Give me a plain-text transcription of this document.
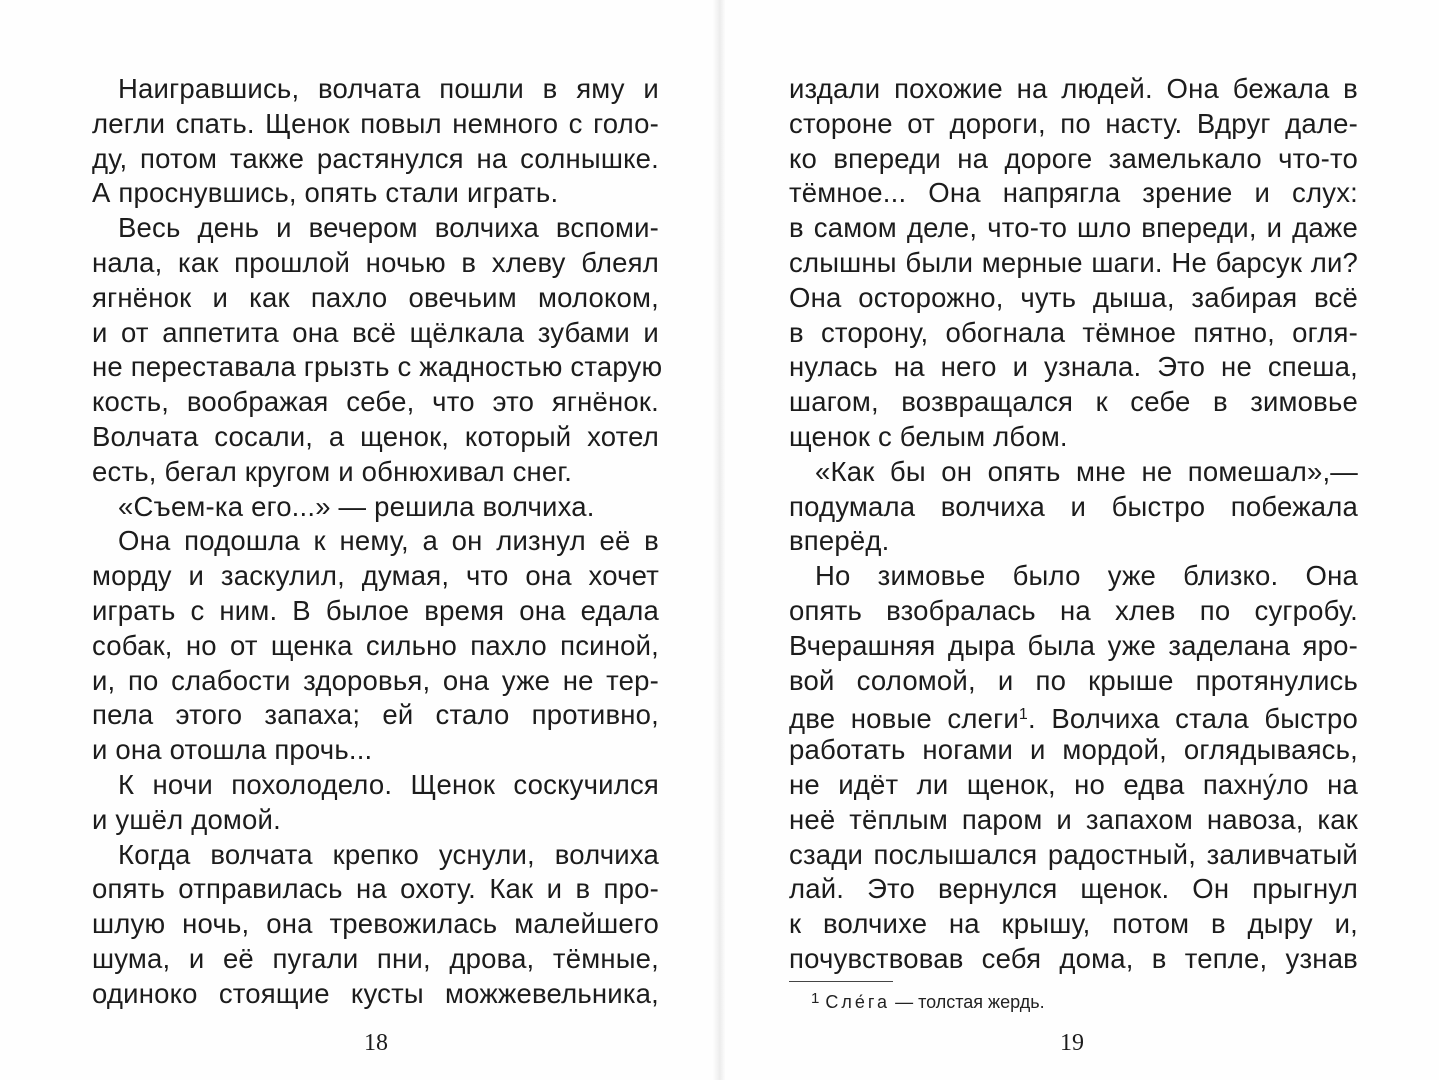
Наигравшись, волчата пошли в яму и
легли спать. Щенок повыл немного с голо-
ду, потом также растянулся на солнышке.
А проснувшись, опять стали играть.
Весь день и вечером волчиха вспоми-
нала, как прошлой ночью в хлеву блеял
ягнёнок и как пахло овечьим молоком,
и от аппетита она всё щёлкала зубами и
не переставала грызть с жадностью старую
кость, воображая себе, что это ягнёнок.
Волчата сосали, а щенок, который хотел
есть, бегал кругом и обнюхивал снег.
«Съем-ка его...» — решила волчиха.
Она подошла к нему, а он лизнул её в
морду и заскулил, думая, что она хочет
играть с ним. В былое время она едала
собак, но от щенка сильно пахло псиной,
и, по слабости здоровья, она уже не тер-
пела этого запаха; ей стало противно,
и она отошла прочь...
К ночи похолодело. Щенок соскучился
и ушёл домой.
Когда волчата крепко уснули, волчиха
опять отправилась на охоту. Как и в про-
шлую ночь, она тревожилась малейшего
шума, и её пугали пни, дрова, тёмные,
одиноко стоящие кусты можжевельника,
18
издали похожие на людей. Она бежала в
стороне от дороги, по насту. Вдруг дале-
ко впереди на дороге замелькало что-то
тёмное... Она напрягла зрение и слух:
в самом деле, что-то шло впереди, и даже
слышны были мерные шаги. Не барсук ли?
Она осторожно, чуть дыша, забирая всё
в сторону, обогнала тёмное пятно, огля-
нулась на него и узнала. Это не спеша,
шагом, возвращался к себе в зимовье
щенок с белым лбом.
«Как бы он опять мне не помешал»,—
подумала волчиха и быстро побежала
вперёд.
Но зимовье было уже близко. Она
опять взобралась на хлев по сугробу.
Вчерашняя дыра была уже заделана яро-
вой соломой, и по крыше протянулись
две новые слеги$^1$. Волчиха стала быстро
работать ногами и мордой, оглядываясь,
не идёт ли щенок, но едва пахну́ло на
неё тёплым паром и запахом навоза, как
сзади послышался радостный, заливчатый
лай. Это вернулся щенок. Он прыгнул
к волчихе на крышу, потом в дыру и,
почувствовав себя дома, в тепле, узнав
$^1$ Сле́га — толстая жердь.
19
